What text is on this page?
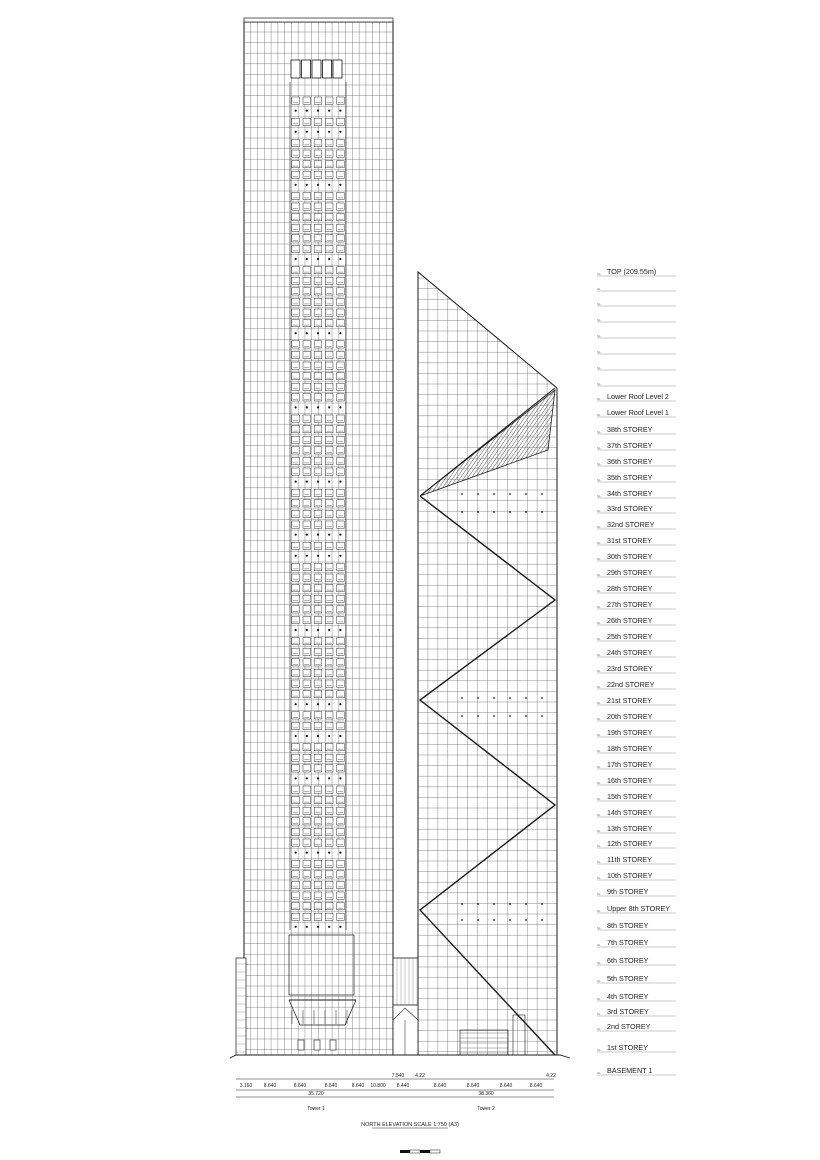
SL
SL
SL
SL
SL
SL
SL
SL TOP (209.55m)
SL Lower Roof Level 2
SL Lower Roof Level 1
SL 38th STOREY
SL 37th STOREY
SL 36th STOREY
SL 35th STOREY
SL 34th STOREY
SL 33rd STOREY
SL 32nd STOREY
SL 31st STOREY
SL 30th STOREY
SL 29th STOREY
SL 28th STOREY
SL 27th STOREY
SL 26th STOREY
SL 25th STOREY
SL 24th STOREY
SL 23rd STOREY
SL 22nd STOREY
SL 21st STOREY
SL 20th STOREY
SL 19th STOREY
SL 18th STOREY
SL 17th STOREY
SL 16th STOREY
SL 15th STOREY
SL 14th STOREY
SL 13th STOREY
SL 12th STOREY
SL 11th STOREY
SL 10th STOREY
SL 9th STOREY
SL Upper 8th STOREY
SL 8th STOREY
SL 7th STOREY
SL 6th STOREY
SL 5th STOREY
SL 4th STOREY
SL 3rd STOREY
SL 2nd STOREY
SL 1st STOREY
SL BASEMENT 1
7.540 4.22
3.160 8.640	8.640	8.640	8.640 10.800 8.440	8.640	8.640	8.640	8.640
4.22
35.720	38.360
Tower 1	Tower 2
NORTH ELEVATION SCALE 1:750 (A3)
